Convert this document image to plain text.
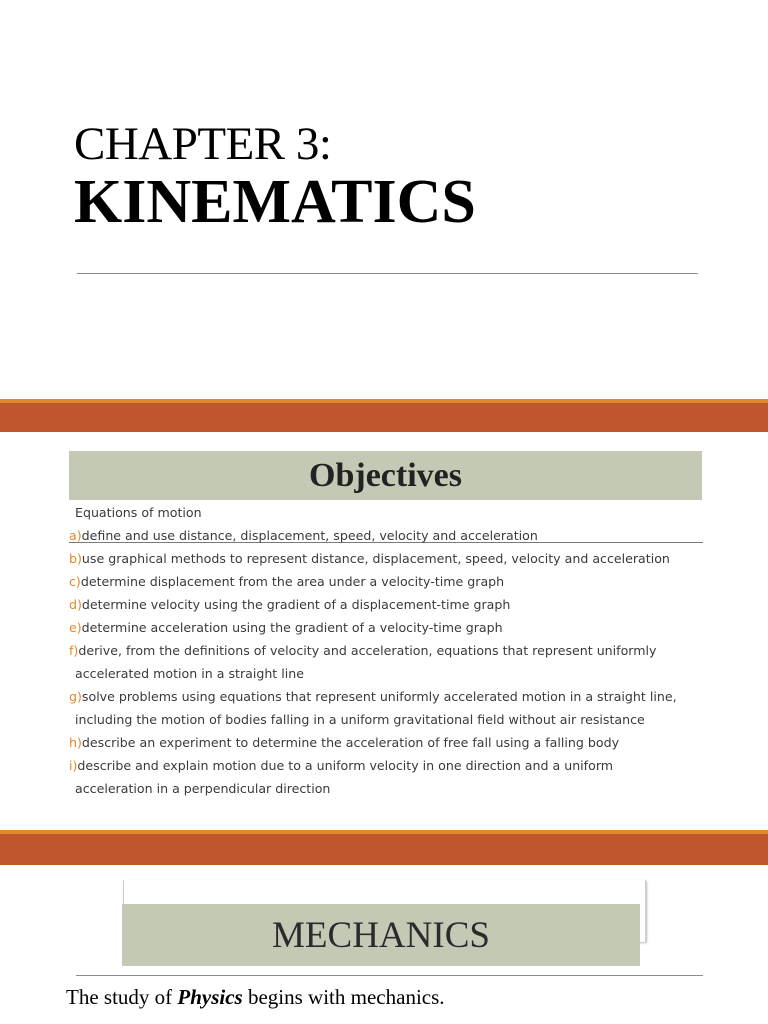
CHAPTER 3:
KINEMATICS
Objectives
Equations of motion
a)define and use distance, displacement, speed, velocity and acceleration
b)use graphical methods to represent distance, displacement, speed, velocity and acceleration
c)determine displacement from the area under a velocity-time graph
d)determine velocity using the gradient of a displacement-time graph
e)determine acceleration using the gradient of a velocity-time graph
f)derive, from the definitions of velocity and acceleration, equations that represent uniformly
accelerated motion in a straight line
g)solve problems using equations that represent uniformly accelerated motion in a straight line,
including the motion of bodies falling in a uniform gravitational field without air resistance
h)describe an experiment to determine the acceleration of free fall using a falling body
i)describe and explain motion due to a uniform velocity in one direction and a uniform
acceleration in a perpendicular direction
MECHANICS
The study of Physics begins with mechanics.
